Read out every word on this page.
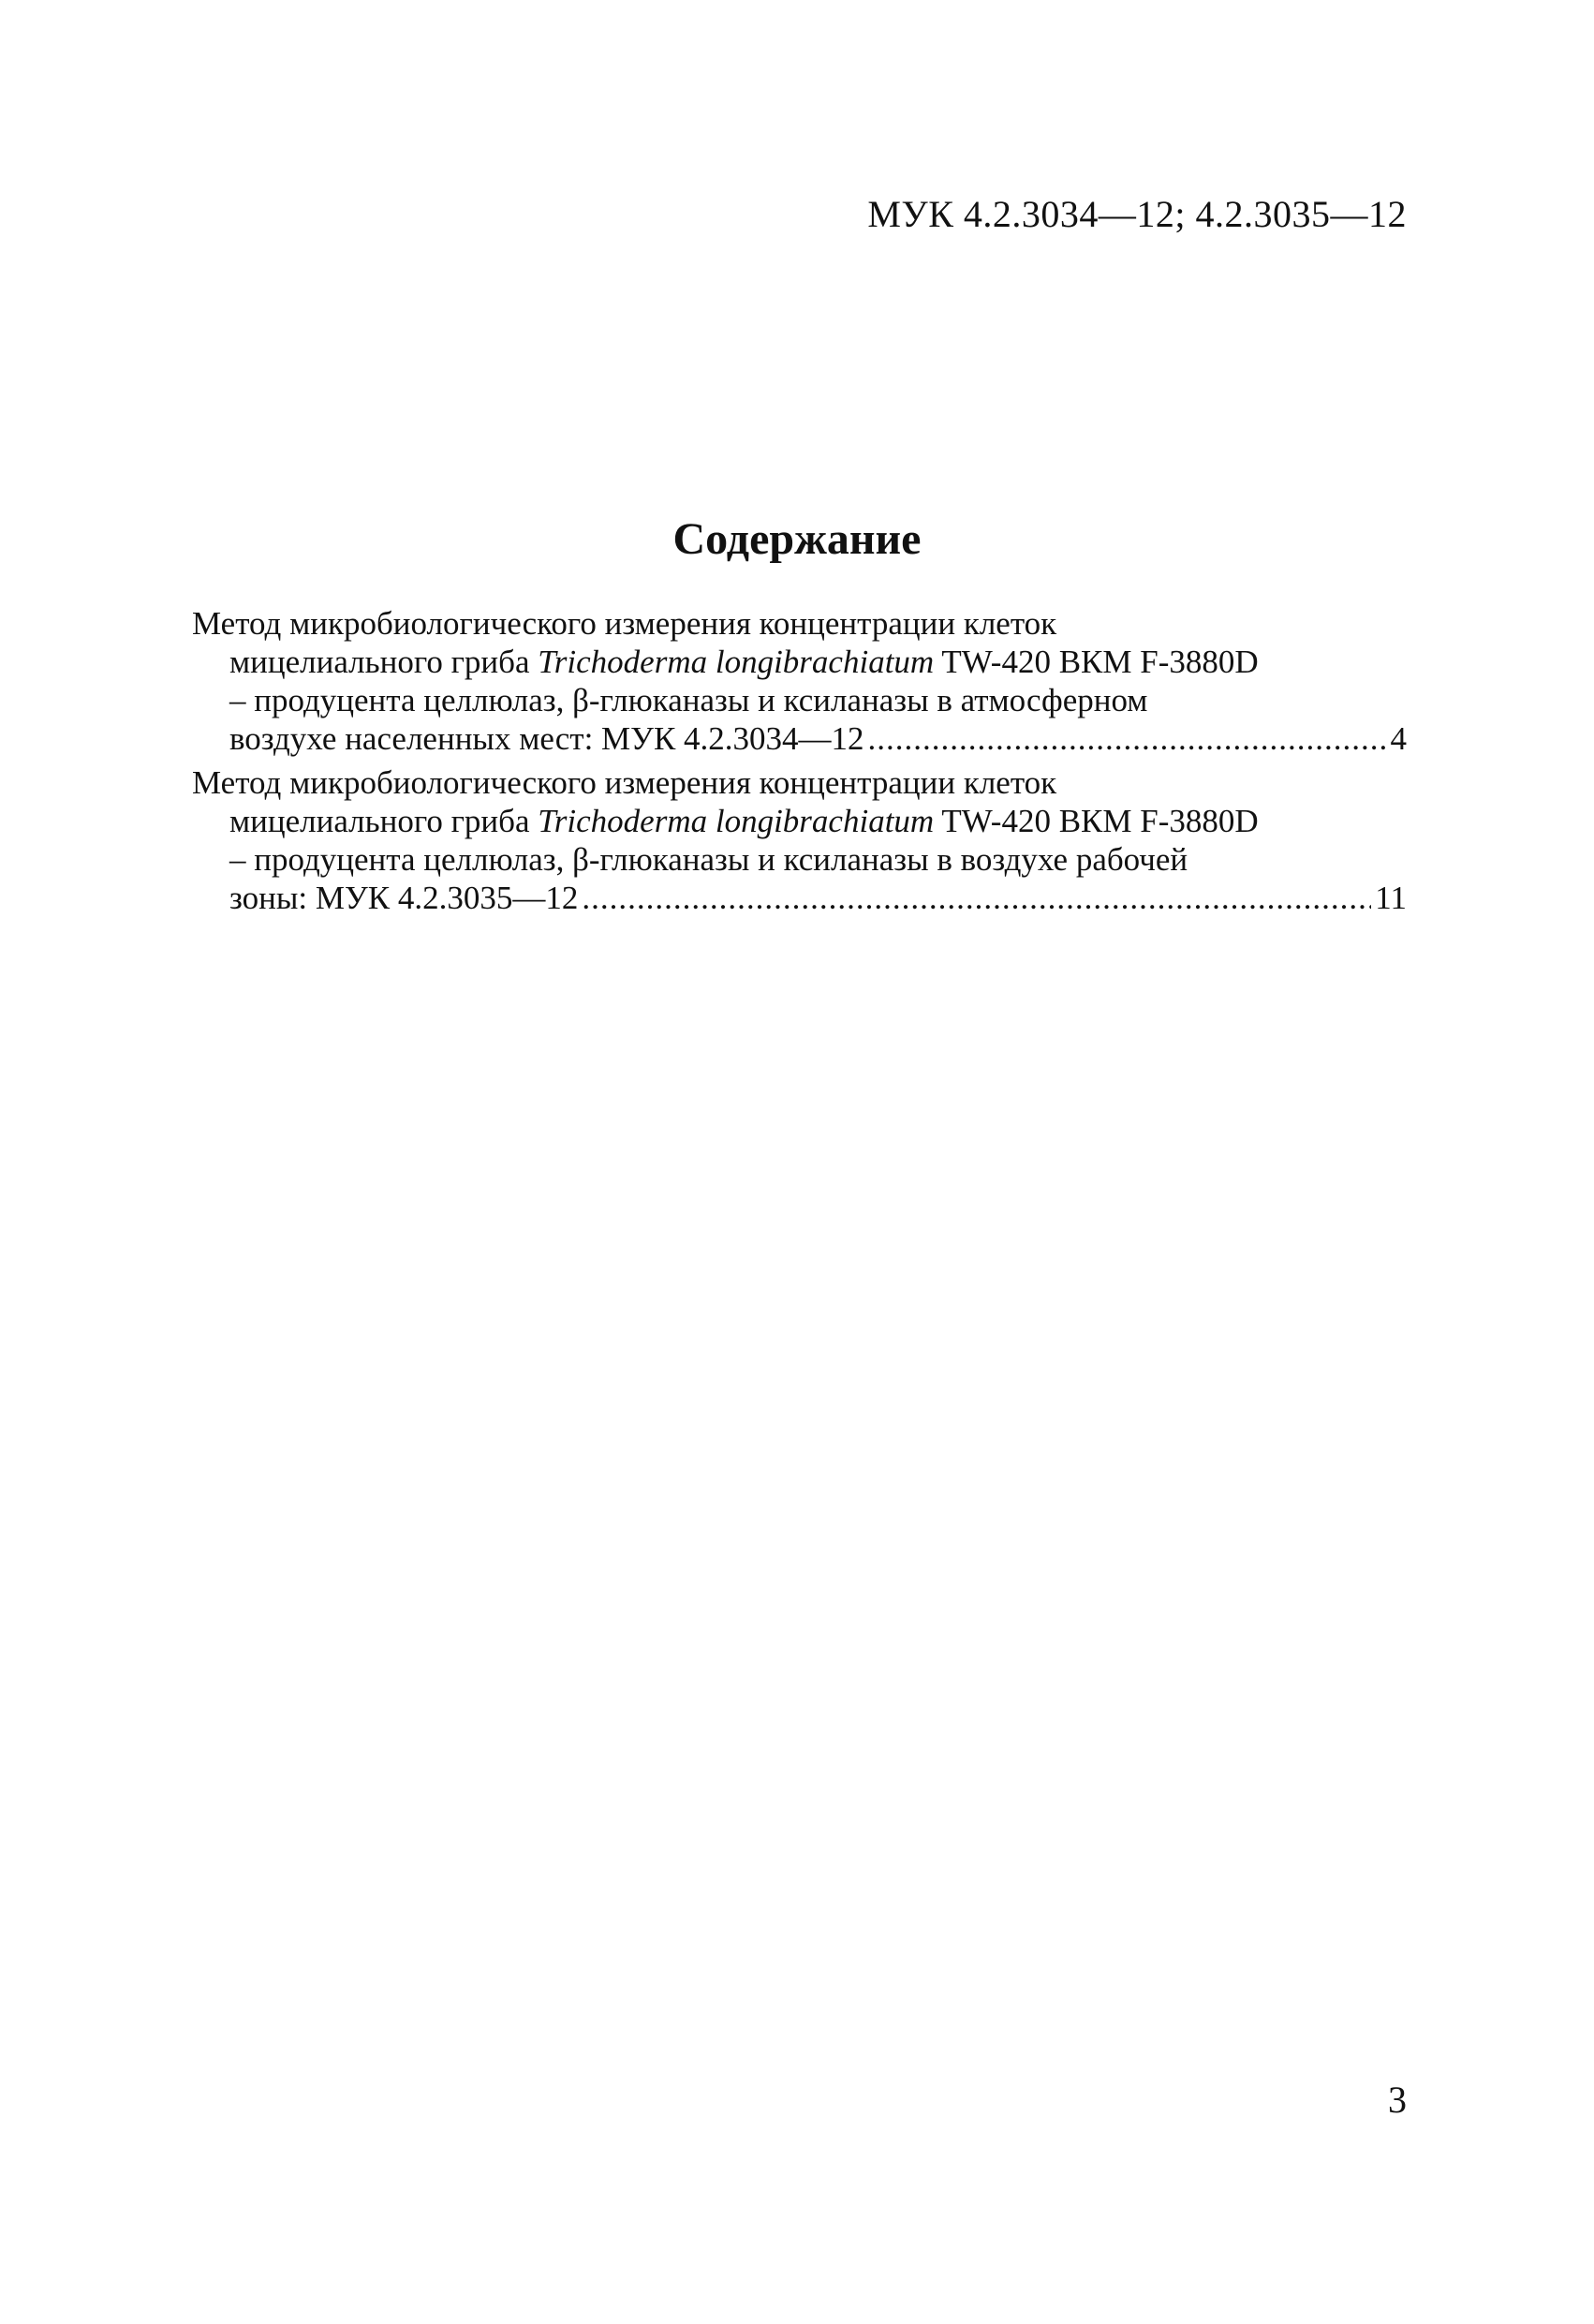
МУК 4.2.3034—12; 4.2.3035—12
Содержание
Метод микробиологического измерения концентрации клеток
мицелиального гриба Trichoderma longibrachiatum TW-420 ВКМ F-3880D
– продуцента целлюлаз, β-глюканазы и ксиланазы в атмосферном
воздухе населенных мест: МУК 4.2.3034—12 .....	4
Метод микробиологического измерения концентрации клеток
мицелиального гриба Trichoderma longibrachiatum TW-420 ВКМ F-3880D
– продуцента целлюлаз, β-глюканазы и ксиланазы в воздухе рабочей
зоны: МУК 4.2.3035—12 .....	11
3
